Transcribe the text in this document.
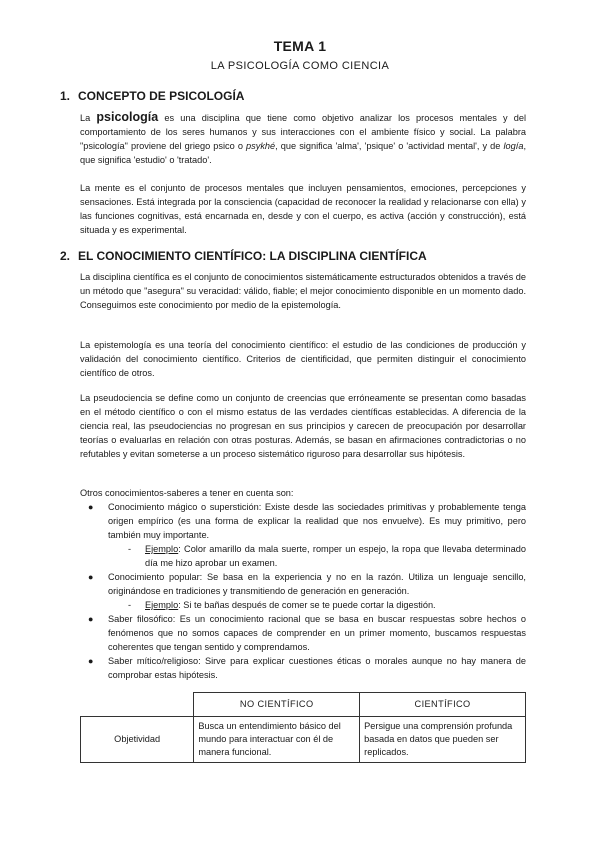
TEMA 1
LA PSICOLOGÍA COMO CIENCIA
1. CONCEPTO DE PSICOLOGÍA

La psicología es una disciplina que tiene como objetivo analizar los procesos mentales y del comportamiento de los seres humanos y sus interacciones con el ambiente físico y social. La palabra "psicología" proviene del griego psico o psykhé, que significa 'alma', 'psique' o 'actividad mental', y de logía, que significa 'estudio' o 'tratado'.

La mente es el conjunto de procesos mentales que incluyen pensamientos, emociones, percepciones y sensaciones. Está integrada por la consciencia (capacidad de reconocer la realidad y relacionarse con ella) y las funciones cognitivas, está encarnada en, desde y con el cuerpo, es activa (acción y construcción), está situada y es experimental.

2. EL CONOCIMIENTO CIENTÍFICO: LA DISCIPLINA CIENTÍFICA

La disciplina científica es el conjunto de conocimientos sistemáticamente estructurados obtenidos a través de un método que "asegura" su veracidad: válido, fiable; el mejor conocimiento disponible en un momento dado. Conseguimos este conocimiento por medio de la epistemología.

La epistemología es una teoría del conocimiento científico: el estudio de las condiciones de producción y validación del conocimiento científico. Criterios de cientificidad, que permiten distinguir el conocimiento científico de otros.

La pseudociencia se define como un conjunto de creencias que erróneamente se presentan como basadas en el método científico o con el mismo estatus de las verdades científicas establecidas. A diferencia de la ciencia real, las pseudociencias no progresan en sus principios y carecen de preocupación por desarrollar teorías o evaluarlas en relación con otras posturas. Además, se basan en afirmaciones contradictorias o no refutables y evitan someterse a un proceso sistemático riguroso para desarrollar sus hipótesis.

Otros conocimientos-saberes a tener en cuenta son:

● Conocimiento mágico o superstición: Existe desde las sociedades primitivas y probablemente tenga origen empírico (es una forma de explicar la realidad que nos envuelve). Es muy primitivo, pero también muy importante.
- Ejemplo: Color amarillo da mala suerte, romper un espejo, la ropa que llevaba determinado día me hizo aprobar un examen.
● Conocimiento popular: Se basa en la experiencia y no en la razón. Utiliza un lenguaje sencillo, originándose en tradiciones y transmitiendo de generación en generación.
- Ejemplo: Si te bañas después de comer se te puede cortar la digestión.
● Saber filosófico: Es un conocimiento racional que se basa en buscar respuestas sobre hechos o fenómenos que no somos capaces de comprender en un primer momento, buscamos respuestas coherentes que tengan sentido y comprendamos.
● Saber mítico/religioso: Sirve para explicar cuestiones éticas o morales aunque no hay manera de comprobar estas hipótesis.
	NO CIENTÍFICO	CIENTÍFICO
Objetividad	Busca un entendimiento básico del mundo para interactuar con él de manera funcional.	Persigue una comprensión profunda basada en datos que pueden ser replicados.
